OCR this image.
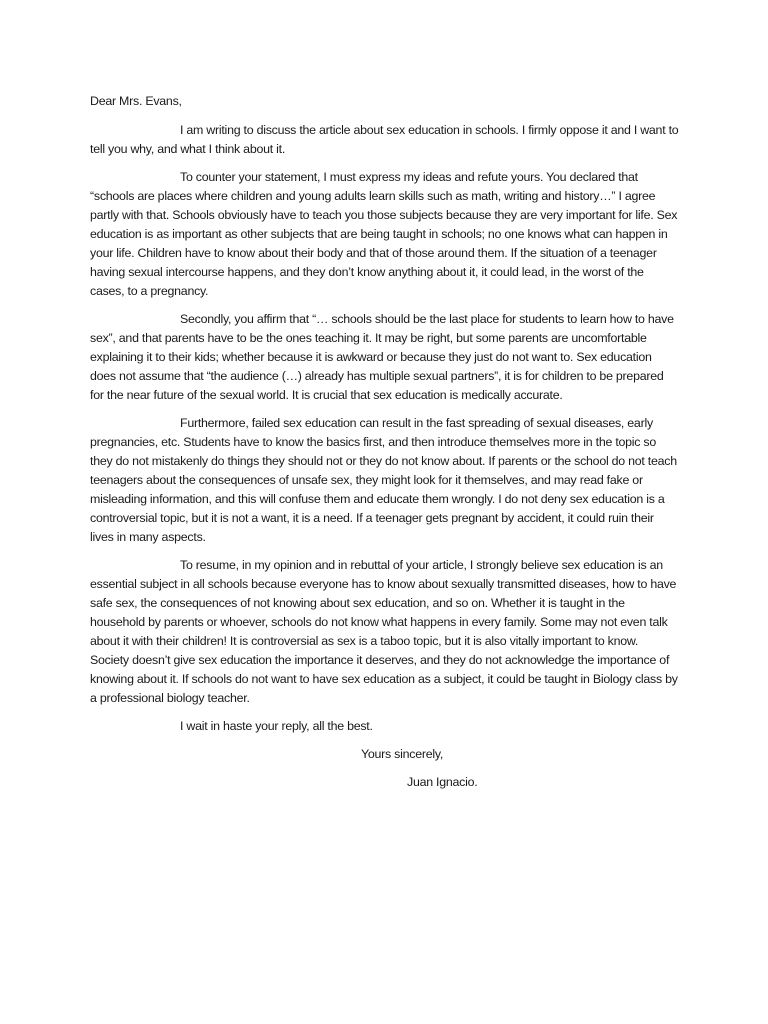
Dear Mrs. Evans,

I am writing to discuss the article about sex education in schools. I firmly oppose it and I want to tell you why, and what I think about it.

To counter your statement, I must express my ideas and refute yours. You declared that “schools are places where children and young adults learn skills such as math, writing and history…” I agree partly with that. Schools obviously have to teach you those subjects because they are very important for life. Sex education is as important as other subjects that are being taught in schools; no one knows what can happen in your life. Children have to know about their body and that of those around them. If the situation of a teenager having sexual intercourse happens, and they don’t know anything about it, it could lead, in the worst of the cases, to a pregnancy.

Secondly, you affirm that “… schools should be the last place for students to learn how to have sex”, and that parents have to be the ones teaching it. It may be right, but some parents are uncomfortable explaining it to their kids; whether because it is awkward or because they just do not want to. Sex education does not assume that “the audience (…) already has multiple sexual partners”, it is for children to be prepared for the near future of the sexual world. It is crucial that sex education is medically accurate.

Furthermore, failed sex education can result in the fast spreading of sexual diseases, early pregnancies, etc. Students have to know the basics first, and then introduce themselves more in the topic so they do not mistakenly do things they should not or they do not know about. If parents or the school do not teach teenagers about the consequences of unsafe sex, they might look for it themselves, and may read fake or misleading information, and this will confuse them and educate them wrongly. I do not deny sex education is a controversial topic, but it is not a want, it is a need. If a teenager gets pregnant by accident, it could ruin their lives in many aspects.

To resume, in my opinion and in rebuttal of your article, I strongly believe sex education is an essential subject in all schools because everyone has to know about sexually transmitted diseases, how to have safe sex, the consequences of not knowing about sex education, and so on. Whether it is taught in the household by parents or whoever, schools do not know what happens in every family. Some may not even talk about it with their children! It is controversial as sex is a taboo topic, but it is also vitally important to know. Society doesn’t give sex education the importance it deserves, and they do not acknowledge the importance of knowing about it. If schools do not want to have sex education as a subject, it could be taught in Biology class by a professional biology teacher.

I wait in haste your reply, all the best.

Yours sincerely,

Juan Ignacio.
